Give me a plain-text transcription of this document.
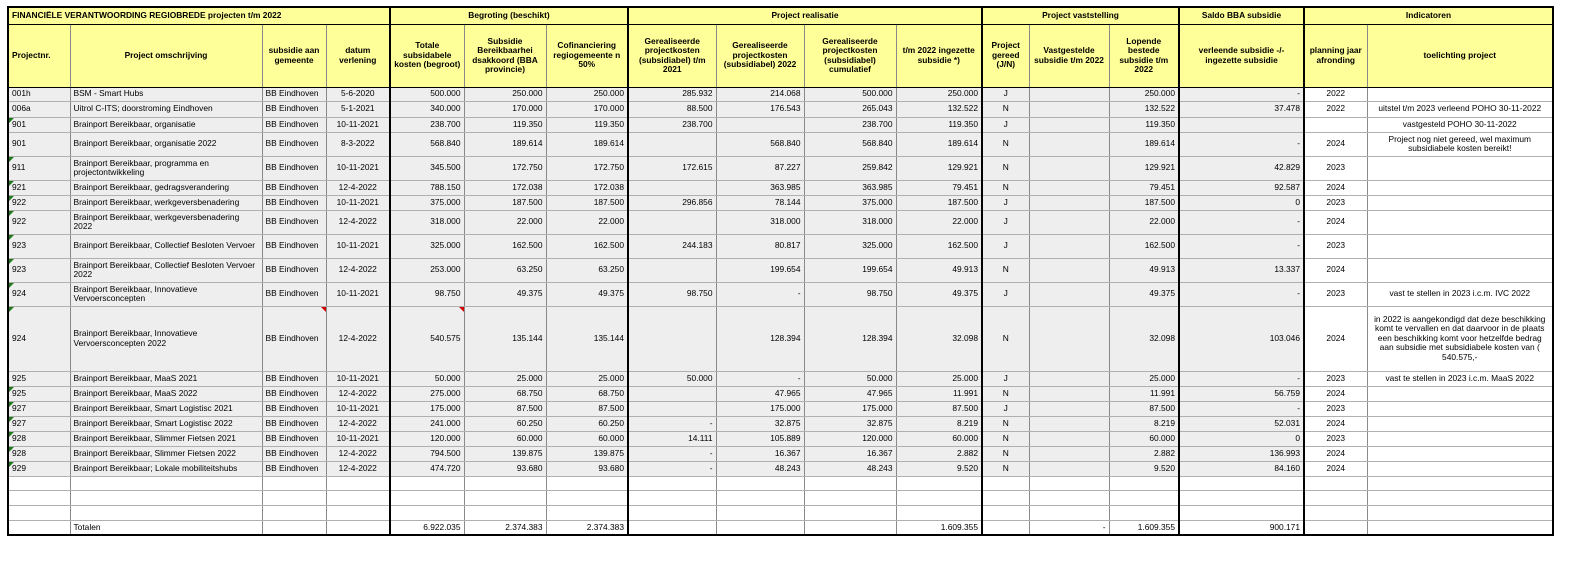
FINANCIËLE VERANTWOORDING REGIOBREDE projecten t/m 2022				Begroting (beschikt)			Project realisatie				Project vaststelling			Saldo BBA subsidie	Indicatoren	
Projectnr.	Project omschrijving	subsidie aan gemeente	datum verlening	Totale subsidabele kosten (begroot)	Subsidie Bereikbaarhei dsakkoord (BBA provincie)	Cofinanciering regiogemeente n 50%	Gerealiseerde projectkosten (subsidiabel) t/m 2021	Gerealiseerde projectkosten (subsidiabel) 2022	Gerealiseerde projectkosten (subsidiabel) cumulatief	t/m 2022 ingezette subsidie *)	Project gereed (J/N)	Vastgestelde subsidie t/m 2022	Lopende bestede subsidie t/m 2022	verleende subsidie -/- ingezette subsidie	planning jaar afronding	toelichting project
001h	BSM - Smart Hubs	BB Eindhoven	5-6-2020	500.000	250.000	250.000	285.932	214.068	500.000	250.000	J		250.000	-	2022	
006a	Uitrol C-ITS; doorstroming Eindhoven	BB Eindhoven	5-1-2021	340.000	170.000	170.000	88.500	176.543	265.043	132.522	N		132.522	37.478	2022	uitstel t/m 2023 verleend POHO 30-11-2022
901	Brainport Bereikbaar, organisatie	BB Eindhoven	10-11-2021	238.700	119.350	119.350	238.700		238.700	119.350	J		119.350			vastgesteld POHO 30-11-2022
901	Brainport Bereikbaar, organisatie 2022	BB Eindhoven	8-3-2022	568.840	189.614	189.614		568.840	568.840	189.614	N		189.614	-	2024	Project nog niet gereed, wel maximum subsidiabele kosten bereikt!
911	Brainport Bereikbaar, programma en projectontwikkeling	BB Eindhoven	10-11-2021	345.500	172.750	172.750	172.615	87.227	259.842	129.921	N		129.921	42.829	2023	
921	Brainport Bereikbaar, gedragsverandering	BB Eindhoven	12-4-2022	788.150	172.038	172.038		363.985	363.985	79.451	N		79.451	92.587	2024	
922	Brainport Bereikbaar, werkgeversbenadering	BB Eindhoven	10-11-2021	375.000	187.500	187.500	296.856	78.144	375.000	187.500	J		187.500	0	2023	
922	Brainport Bereikbaar, werkgeversbenadering 2022	BB Eindhoven	12-4-2022	318.000	22.000	22.000		318.000	318.000	22.000	J		22.000	-	2024	
923	Brainport Bereikbaar, Collectief Besloten Vervoer	BB Eindhoven	10-11-2021	325.000	162.500	162.500	244.183	80.817	325.000	162.500	J		162.500	-	2023	
923	Brainport Bereikbaar, Collectief Besloten Vervoer 2022	BB Eindhoven	12-4-2022	253.000	63.250	63.250		199.654	199.654	49.913	N		49.913	13.337	2024	
924	Brainport Bereikbaar, Innovatieve Vervoersconcepten	BB Eindhoven	10-11-2021	98.750	49.375	49.375	98.750	-	98.750	49.375	J		49.375	-	2023	vast te stellen in 2023 i.c.m. IVC 2022
924	Brainport Bereikbaar, Innovatieve Vervoersconcepten 2022	BB Eindhoven	12-4-2022	540.575	135.144	135.144		128.394	128.394	32.098	N		32.098	103.046	2024	in 2022 is aangekondigd dat deze beschikking komt te vervallen en dat daarvoor in de plaats een beschikking komt voor hetzelfde bedrag aan subsidie met subsidiabele kosten van ( 540.575,-
925	Brainport Bereikbaar, MaaS 2021	BB Eindhoven	10-11-2021	50.000	25.000	25.000	50.000	-	50.000	25.000	J		25.000	-	2023	vast te stellen in 2023 i.c.m. MaaS 2022
925	Brainport Bereikbaar, MaaS 2022	BB Eindhoven	12-4-2022	275.000	68.750	68.750		47.965	47.965	11.991	N		11.991	56.759	2024	
927	Brainport Bereikbaar, Smart Logistisc 2021	BB Eindhoven	10-11-2021	175.000	87.500	87.500		175.000	175.000	87.500	J		87.500	-	2023	
927	Brainport Bereikbaar, Smart Logistisc 2022	BB Eindhoven	12-4-2022	241.000	60.250	60.250	-	32.875	32.875	8.219	N		8.219	52.031	2024	
928	Brainport Bereikbaar, Slimmer Fietsen 2021	BB Eindhoven	10-11-2021	120.000	60.000	60.000	14.111	105.889	120.000	60.000	N		60.000	0	2023	
928	Brainport Bereikbaar, Slimmer Fietsen 2022	BB Eindhoven	12-4-2022	794.500	139.875	139.875	-	16.367	16.367	2.882	N		2.882	136.993	2024	
929	Brainport Bereikbaar; Lokale mobiliteitshubs	BB Eindhoven	12-4-2022	474.720	93.680	93.680	-	48.243	48.243	9.520	N		9.520	84.160	2024	

	Totalen			6.922.035	2.374.383	2.374.383				1.609.355		-	1.609.355	900.171		
